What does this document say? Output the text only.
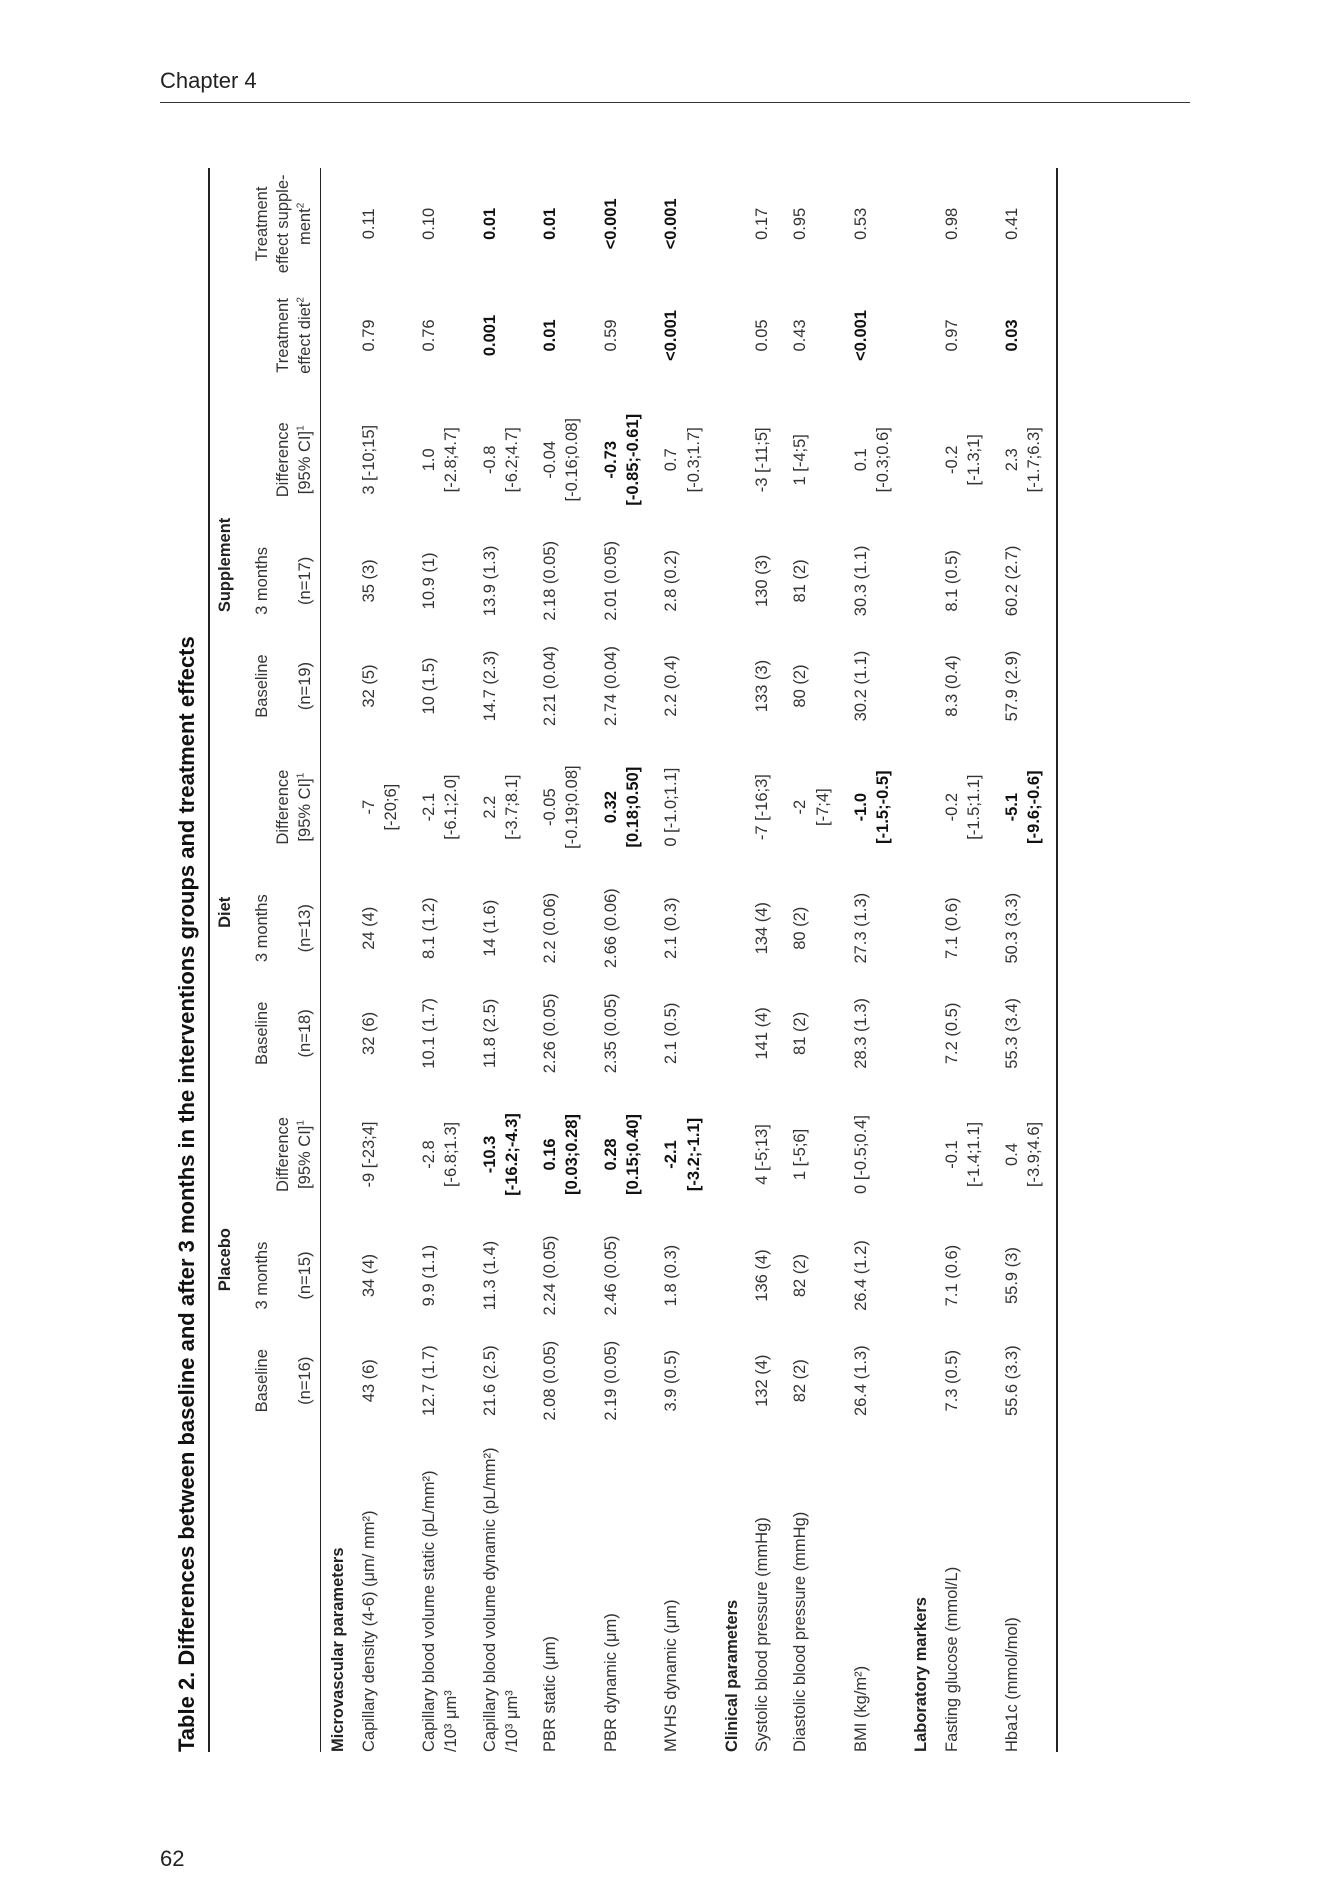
Chapter 4
Table 2. Differences between baseline and after 3 months in the interventions groups and treatment effects
	Placebo			Diet			Supplement				
	Baseline (n=16)	3 months (n=15)	Difference [95% CI]$^1$	Baseline (n=18)	3 months (n=13)	Difference [95% CI]$^1$	Baseline (n=19)	3 months (n=17)	Difference [95% CI]$^1$	Treatment effect diet$^2$	Treatment effect supple-ment$^2$
Microvascular parameters											
Capillary density (4-6) (μm/ mm²)	43 (6)	34 (4)	-9 [-23;4]	32 (6)	24 (4)	-7 [-20;6]	32 (5)	35 (3)	3 [-10;15]	0.79	0.11
Capillary blood volume static (pL/mm²) /10³ μm³	12.7 (1.7)	9.9 (1.1)	-2.8 [-6.8;1.3]	10.1 (1.7)	8.1 (1.2)	-2.1 [-6.1;2.0]	10 (1.5)	10.9 (1)	1.0 [-2.8;4.7]	0.76	0.10
Capillary blood volume dynamic (pL/mm²) /10³ μm³	21.6 (2.5)	11.3 (1.4)	-10.3 [-16.2;-4.3]	11.8 (2.5)	14 (1.6)	2.2 [-3.7;8.1]	14.7 (2.3)	13.9 (1.3)	-0.8 [-6.2;4.7]	0.001	0.01
PBR static (μm)	2.08 (0.05)	2.24 (0.05)	0.16 [0.03;0.28]	2.26 (0.05)	2.2 (0.06)	-0.05 [-0.19;0.08]	2.21 (0.04)	2.18 (0.05)	-0.04 [-0.16;0.08]	0.01	0.01
PBR dynamic (μm)	2.19 (0.05)	2.46 (0.05)	0.28 [0.15;0.40]	2.35 (0.05)	2.66 (0.06)	0.32 [0.18;0.50]	2.74 (0.04)	2.01 (0.05)	-0.73 [-0.85;-0.61]	0.59	<0.001
MVHS dynamic (μm)	3.9 (0.5)	1.8 (0.3)	-2.1 [-3.2;-1.1]	2.1 (0.5)	2.1 (0.3)	0 [-1.0;1.1]	2.2 (0.4)	2.8 (0.2)	0.7 [-0.3;1.7]	<0.001	<0.001
Clinical parameters											
Systolic blood pressure (mmHg)	132 (4)	136 (4)	4 [-5;13]	141 (4)	134 (4)	-7 [-16;3]	133 (3)	130 (3)	-3 [-11;5]	0.05	0.17
Diastolic blood pressure (mmHg)	82 (2)	82 (2)	1 [-5;6]	81 (2)	80 (2)	-2 [-7;4]	80 (2)	81 (2)	1 [-4;5]	0.43	0.95
BMI (kg/m²)	26.4 (1.3)	26.4 (1.2)	0 [-0.5;0.4]	28.3 (1.3)	27.3 (1.3)	-1.0 [-1.5;-0.5]	30.2 (1.1)	30.3 (1.1)	0.1 [-0.3;0.6]	<0.001	0.53
Laboratory markers											
Fasting glucose (mmol/L)	7.3 (0.5)	7.1 (0.6)	-0.1 [-1.4;1.1]	7.2 (0.5)	7.1 (0.6)	-0.2 [-1.5;1.1]	8.3 (0.4)	8.1 (0.5)	-0.2 [-1.3;1]	0.97	0.98
Hba1c (mmol/mol)	55.6 (3.3)	55.9 (3)	0.4 [-3.9;4.6]	55.3 (3.4)	50.3 (3.3)	-5.1 [-9.6;-0.6]	57.9 (2.9)	60.2 (2.7)	2.3 [-1.7;6.3]	0.03	0.41
62
